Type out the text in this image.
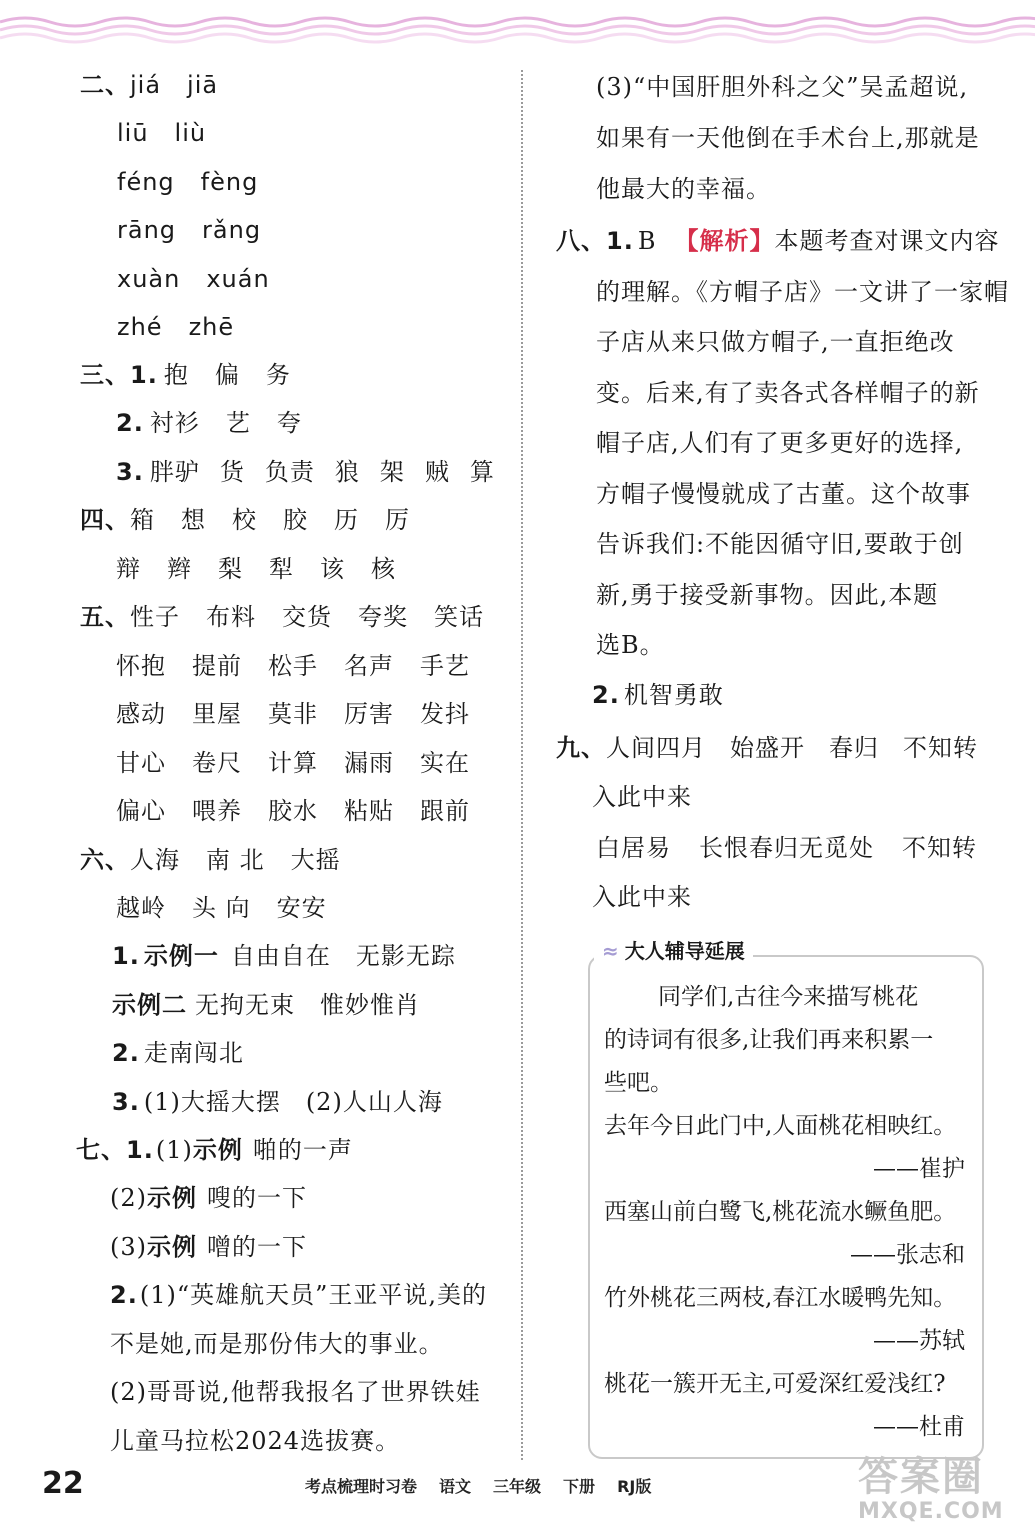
二、jiá jiā
liū liù
féng fèng
rāng rǎng
xuàn xuán
zhé zhē
三、1. 抱 偏 务
2. 衬衫 艺 夸
3. 胖驴 货 负责 狼 架 贼 算
四、箱 想 校 胶 历 厉
辩 辫 梨 犁 该 核
五、性子 布料 交货 夸奖 笑话
怀抱 提前 松手 名声 手艺
感动 里屋 莫非 厉害 发抖
甘心 卷尺 计算 漏雨 实在
偏心 喂养 胶水 粘贴 跟前
六、人海 南 北 大摇
越岭 头 向 安安
1. 示例一 自由自在　无影无踪
示例二 无拘无束　惟妙惟肖
2. 走南闯北
3. (1)大摇大摆　(2)人山人海
七、1.(1)示例 啪的一声
(2)示例 嗖的一下
(3)示例 噌的一下
2.(1)“英雄航天员”王亚平说,美的
不是她,而是那份伟大的事业。
(2)哥哥说,他帮我报名了世界铁娃
儿童马拉松2024选拔赛。
(3)“中国肝胆外科之父”吴孟超说,
如果有一天他倒在手术台上,那就是
他最大的幸福。
八、1. B 【解析】本题考查对课文内容
的理解。《方帽子店》一文讲了一家帽
子店从来只做方帽子,一直拒绝改
变。后来,有了卖各式各样帽子的新
帽子店,人们有了更多更好的选择,
方帽子慢慢就成了古董。这个故事
告诉我们:不能因循守旧,要敢于创
新,勇于接受新事物。因此,本题
选B。
2. 机智勇敢
九、人间四月 始盛开 春归 不知转
入此中来
白居易 长恨春归无觅处 不知转
入此中来
≈ 大人辅导延展
同学们,古往今来描写桃花
的诗词有很多,让我们再来积累一
些吧。
去年今日此门中,人面桃花相映红。
——崔护
西塞山前白鹭飞,桃花流水鳜鱼肥。
——张志和
竹外桃花三两枝,春江水暖鸭先知。
——苏轼
桃花一簇开无主,可爱深红爱浅红?
——杜甫
22	考点梳理时习卷 语文 三年级 下册 RJ版	答案圈
MXQE.COM
